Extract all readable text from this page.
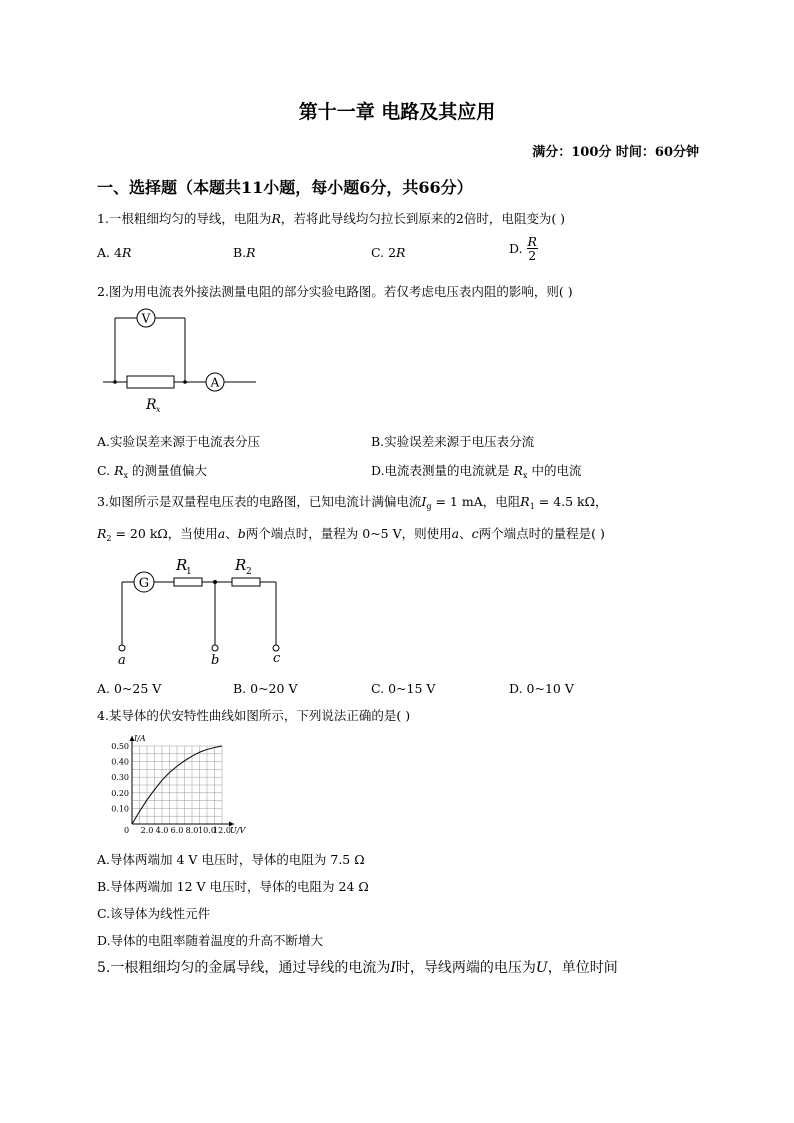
第十一章 电路及其应用
满分：100分 时间：60分钟
一、选择题（本题共11小题，每小题6分，共66分）
1.一根粗细均匀的导线，电阻为R，若将此导线均匀拉长到原来的2倍时，电阻变为( )
A. 4R	B.R	C. 2R	D. $\frac{R}{2}$
2.图为用电流表外接法测量电阻的部分实验电路图。若仅考虑电压表内阻的影响，则( )
A
V
R x
A.实验误差来源于电流表分压	B.实验误差来源于电压表分流
C. $R_x$ 的测量值偏大	D.电流表测量的电流就是 $R_x$ 中的电流
3.如图所示是双量程电压表的电路图，已知电流计满偏电流$I_g = 1$ mA，电阻$R_1 = 4.5$ kΩ，
$R_2 = 20$ kΩ，当使用a、b两个端点时，量程为 0~5 V，则使用a、c两个端点时的量程是( )
G
R
1	R 2
a	b	c
A. 0~25 V	B. 0~20 V	C. 0~15 V	D. 0~10 V
4.某导体的伏安特性曲线如图所示，下列说法正确的是( )
U/V
I/A
0 2.0 4.0 6.0 8.0 10.0
12.0
0.10
0.20
0.30
0.40
0.50
A.导体两端加 4 V 电压时，导体的电阻为 7.5 Ω
B.导体两端加 12 V 电压时，导体的电阻为 24 Ω
C.该导体为线性元件
D.导体的电阻率随着温度的升高不断增大
5.一根粗细均匀的金属导线，通过导线的电流为I时，导线两端的电压为U，单位时间
